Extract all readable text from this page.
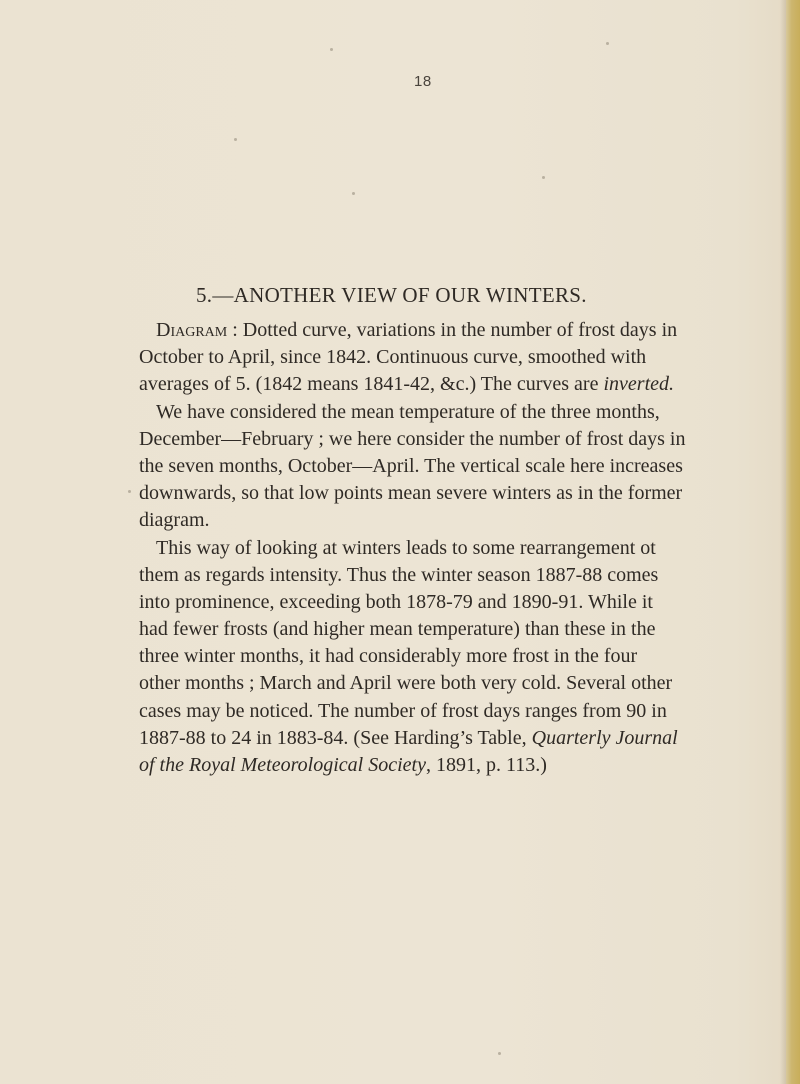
18
5.—ANOTHER VIEW OF OUR WINTERS.
Diagram : Dotted curve, variations in the number of frost days in
October to April, since 1842. Continuous curve, smoothed with
averages of 5. (1842 means 1841-42, &c.) The curves are inverted.
We have considered the mean temperature of the three months,
December—February ; we here consider the number of frost days in
the seven months, October—April. The vertical scale here increases
downwards, so that low points mean severe winters as in the former
diagram.
This way of looking at winters leads to some rearrangement ot
them as regards intensity. Thus the winter season 1887-88 comes
into prominence, exceeding both 1878-79 and 1890-91. While it
had fewer frosts (and higher mean temperature) than these in the
three winter months, it had considerably more frost in the four
other months ; March and April were both very cold. Several other
cases may be noticed. The number of frost days ranges from 90 in
1887-88 to 24 in 1883-84. (See Harding’s Table, Quarterly Journal
of the Royal Meteorological Society, 1891, p. 113.)
